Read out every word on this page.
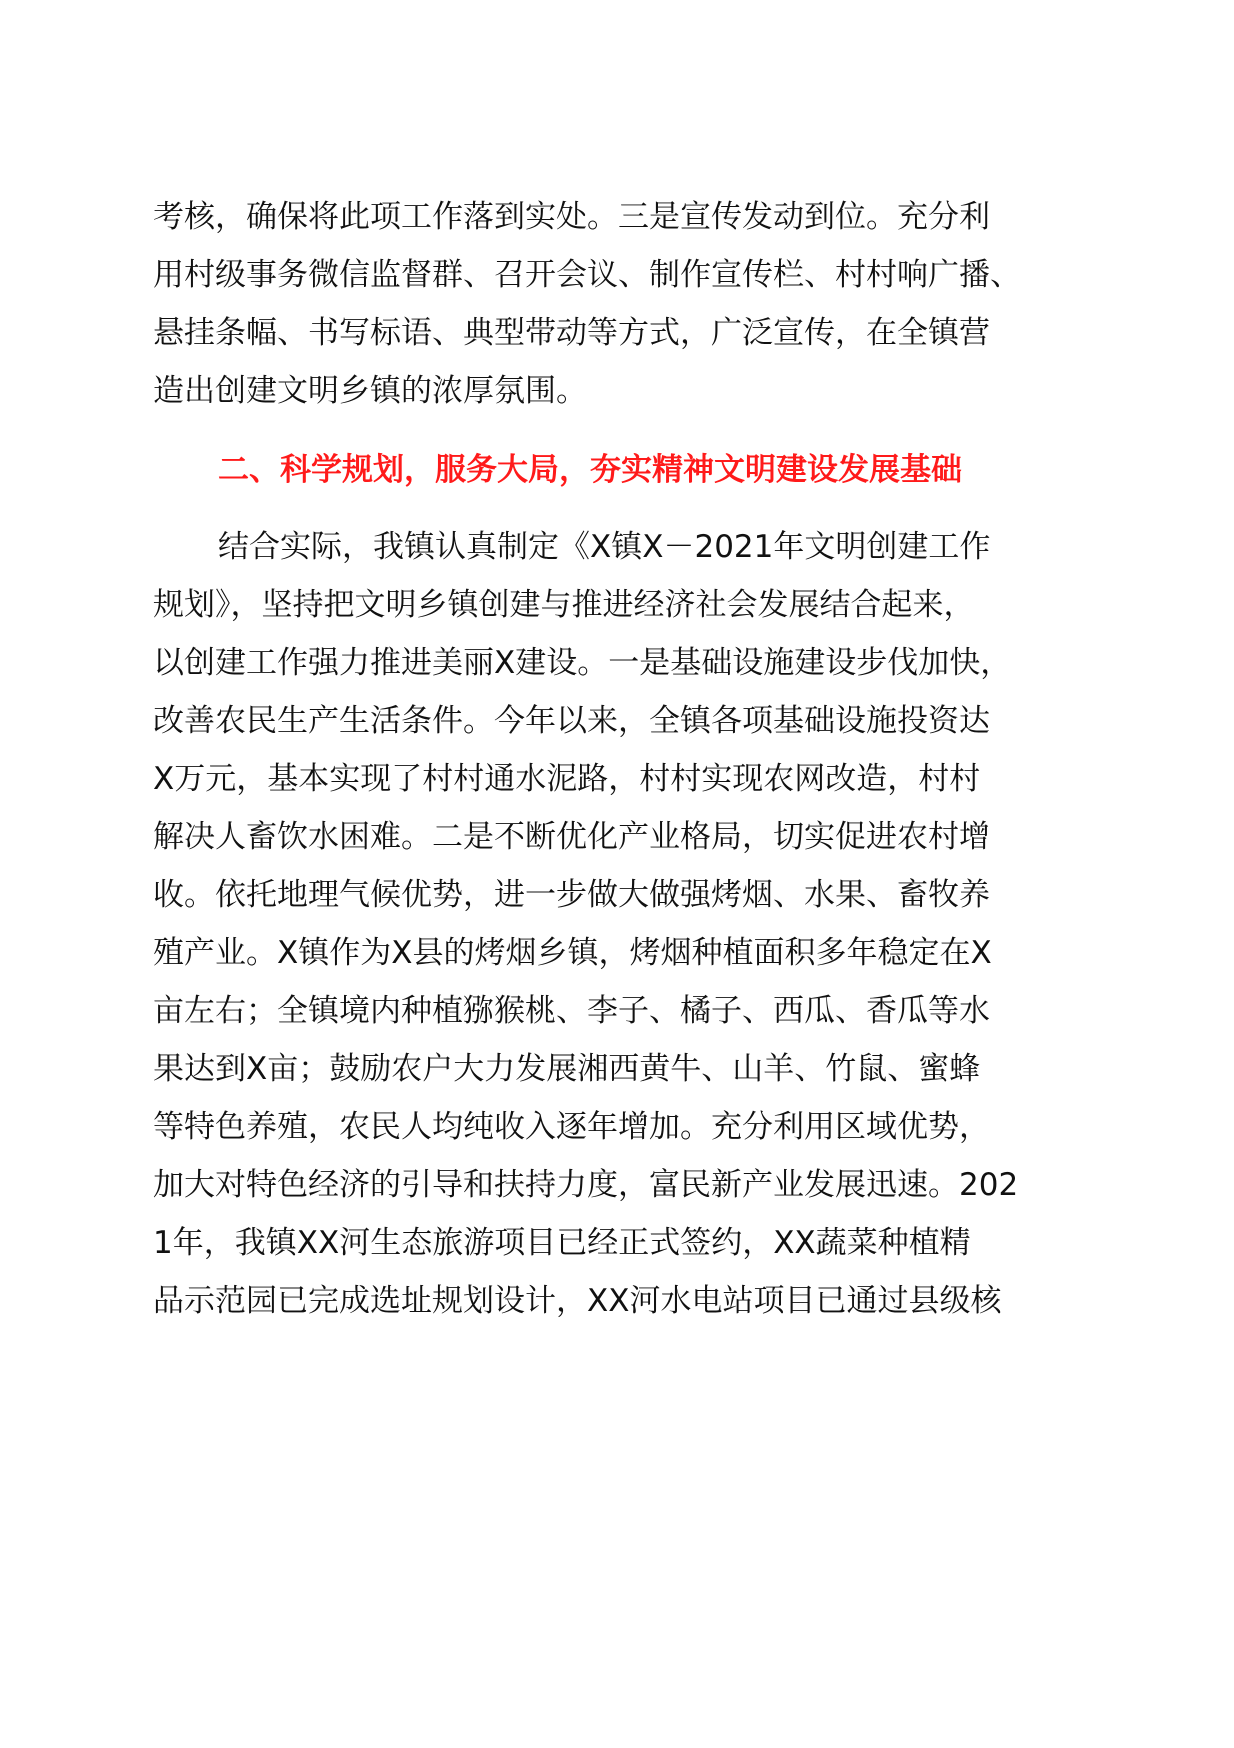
考核，确保将此项工作落到实处。三是宣传发动到位。充分利
用村级事务微信监督群、召开会议、制作宣传栏、村村响广播、
悬挂条幅、书写标语、典型带动等方式，广泛宣传，在全镇营
造出创建文明乡镇的浓厚氛围。
二、科学规划，服务大局，夯实精神文明建设发展基础
结合实际，我镇认真制定《X镇X－2021年文明创建工作
规划》，坚持把文明乡镇创建与推进经济社会发展结合起来，
以创建工作强力推进美丽X建设。一是基础设施建设步伐加快，
改善农民生产生活条件。今年以来，全镇各项基础设施投资达
X万元，基本实现了村村通水泥路，村村实现农网改造，村村
解决人畜饮水困难。二是不断优化产业格局，切实促进农村增
收。依托地理气候优势，进一步做大做强烤烟、水果、畜牧养
殖产业。X镇作为X县的烤烟乡镇，烤烟种植面积多年稳定在X
亩左右；全镇境内种植猕猴桃、李子、橘子、西瓜、香瓜等水
果达到X亩；鼓励农户大力发展湘西黄牛、山羊、竹鼠、蜜蜂
等特色养殖，农民人均纯收入逐年增加。充分利用区域优势，
加大对特色经济的引导和扶持力度，富民新产业发展迅速。202
1年，我镇XX河生态旅游项目已经正式签约，XX蔬菜种植精
品示范园已完成选址规划设计，XX河水电站项目已通过县级核
